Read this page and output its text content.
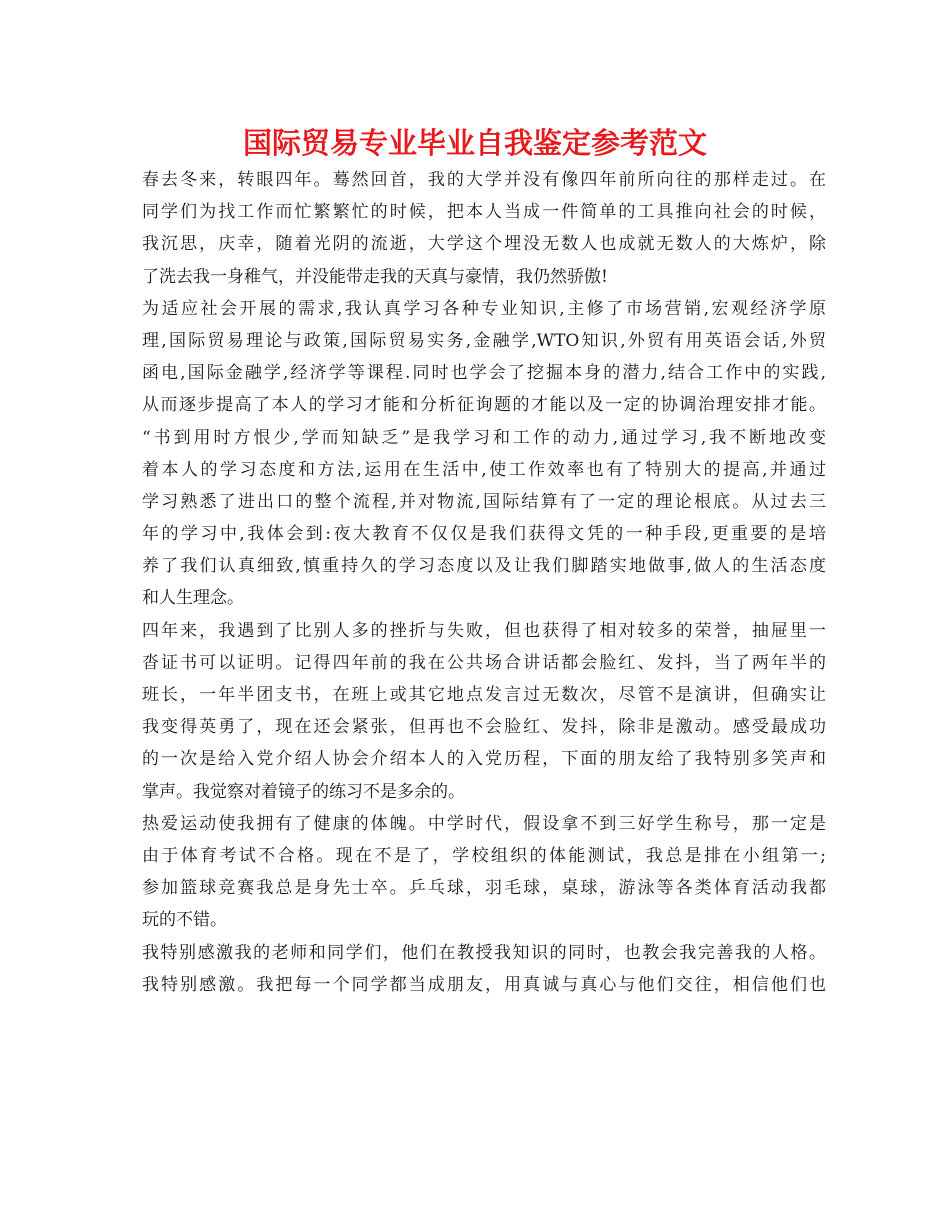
国际贸易专业毕业自我鉴定参考范文
春去冬来，转眼四年。蓦然回首，我的大学并没有像四年前所向往的那样走过。在
同学们为找工作而忙繁繁忙的时候，把本人当成一件简单的工具推向社会的时候，
我沉思，庆幸，随着光阴的流逝，大学这个埋没无数人也成就无数人的大炼炉，除
了洗去我一身稚气，并没能带走我的天真与豪情，我仍然骄傲!
为适应社会开展的需求,我认真学习各种专业知识,主修了市场营销,宏观经济学原
理,国际贸易理论与政策,国际贸易实务,金融学,WTO知识,外贸有用英语会话,外贸
函电,国际金融学,经济学等课程.同时也学会了挖掘本身的潜力,结合工作中的实践,
从而逐步提高了本人的学习才能和分析征询题的才能以及一定的协调治理安排才能。
“书到用时方恨少,学而知缺乏”是我学习和工作的动力,通过学习,我不断地改变
着本人的学习态度和方法,运用在生活中,使工作效率也有了特别大的提高,并通过
学习熟悉了进出口的整个流程,并对物流,国际结算有了一定的理论根底。从过去三
年的学习中,我体会到:夜大教育不仅仅是我们获得文凭的一种手段,更重要的是培
养了我们认真细致,慎重持久的学习态度以及让我们脚踏实地做事,做人的生活态度
和人生理念。
四年来，我遇到了比别人多的挫折与失败，但也获得了相对较多的荣誉，抽屉里一
沓证书可以证明。记得四年前的我在公共场合讲话都会脸红、发抖，当了两年半的
班长，一年半团支书，在班上或其它地点发言过无数次，尽管不是演讲，但确实让
我变得英勇了，现在还会紧张，但再也不会脸红、发抖，除非是激动。感受最成功
的一次是给入党介绍人协会介绍本人的入党历程，下面的朋友给了我特别多笑声和
掌声。我觉察对着镜子的练习不是多余的。
热爱运动使我拥有了健康的体魄。中学时代，假设拿不到三好学生称号，那一定是
由于体育考试不合格。现在不是了，学校组织的体能测试，我总是排在小组第一;
参加篮球竞赛我总是身先士卒。乒乓球，羽毛球，桌球，游泳等各类体育活动我都
玩的不错。
我特别感激我的老师和同学们，他们在教授我知识的同时，也教会我完善我的人格。
我特别感激。我把每一个同学都当成朋友，用真诚与真心与他们交往，相信他们也
